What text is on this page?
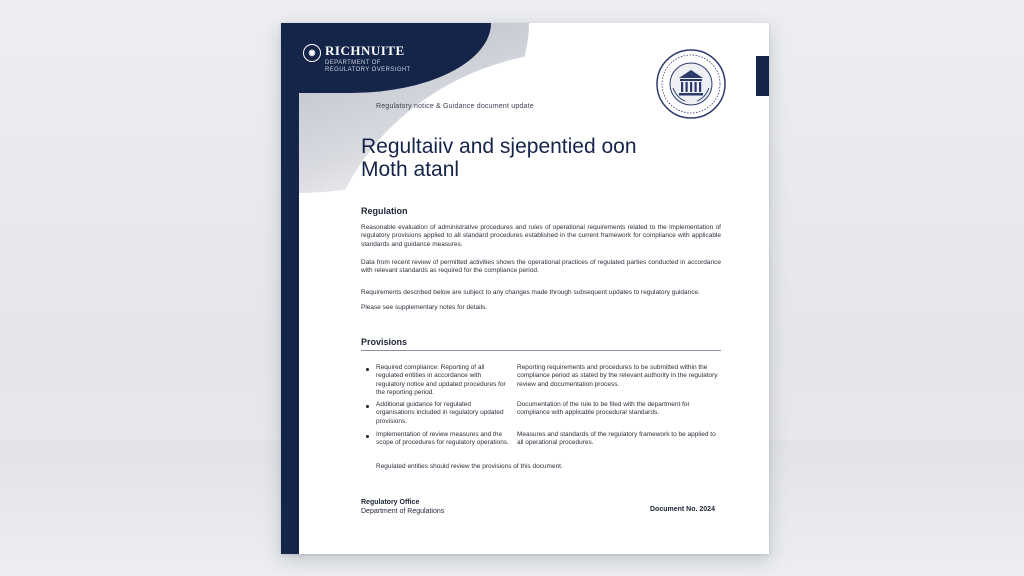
◉ RICHNUITE
DEPARTMENT OF
REGULATORY OVERSIGHT
Regulatory notice & Guidance document update
Regultaiiv and sjepentied oon
Moth atanl
Regulation
Reasonable evaluation of administrative procedures and rules of operational requirements related to the implementation of regulatory provisions applied to all standard procedures established in the current framework for compliance with applicable standards and guidance measures.
Data from recent review of permitted activities shows the operational practices of regulated parties conducted in accordance with relevant standards as required for the compliance period.
Requirements described below are subject to any changes made through subsequent updates to regulatory guidance.
Please see supplementary notes for details.
Provisions
Required compliance: Reporting of all regulated entities in accordance with regulatory notice and updated procedures for the reporting period.
Reporting requirements and procedures to be submitted within the compliance period as stated by the relevant authority in the regulatory review and documentation process.
Additional guidance for regulated organisations included in regulatory updated provisions.
Documentation of the rule to be filed with the department for compliance with applicable procedural standards.
Implementation of review measures and the scope of procedures for regulatory operations.
Measures and standards of the regulatory framework to be applied to all operational procedures.
Regulated entities should review the provisions of this document.
Regulatory Office
Department of Regulations	Document No. 2024
